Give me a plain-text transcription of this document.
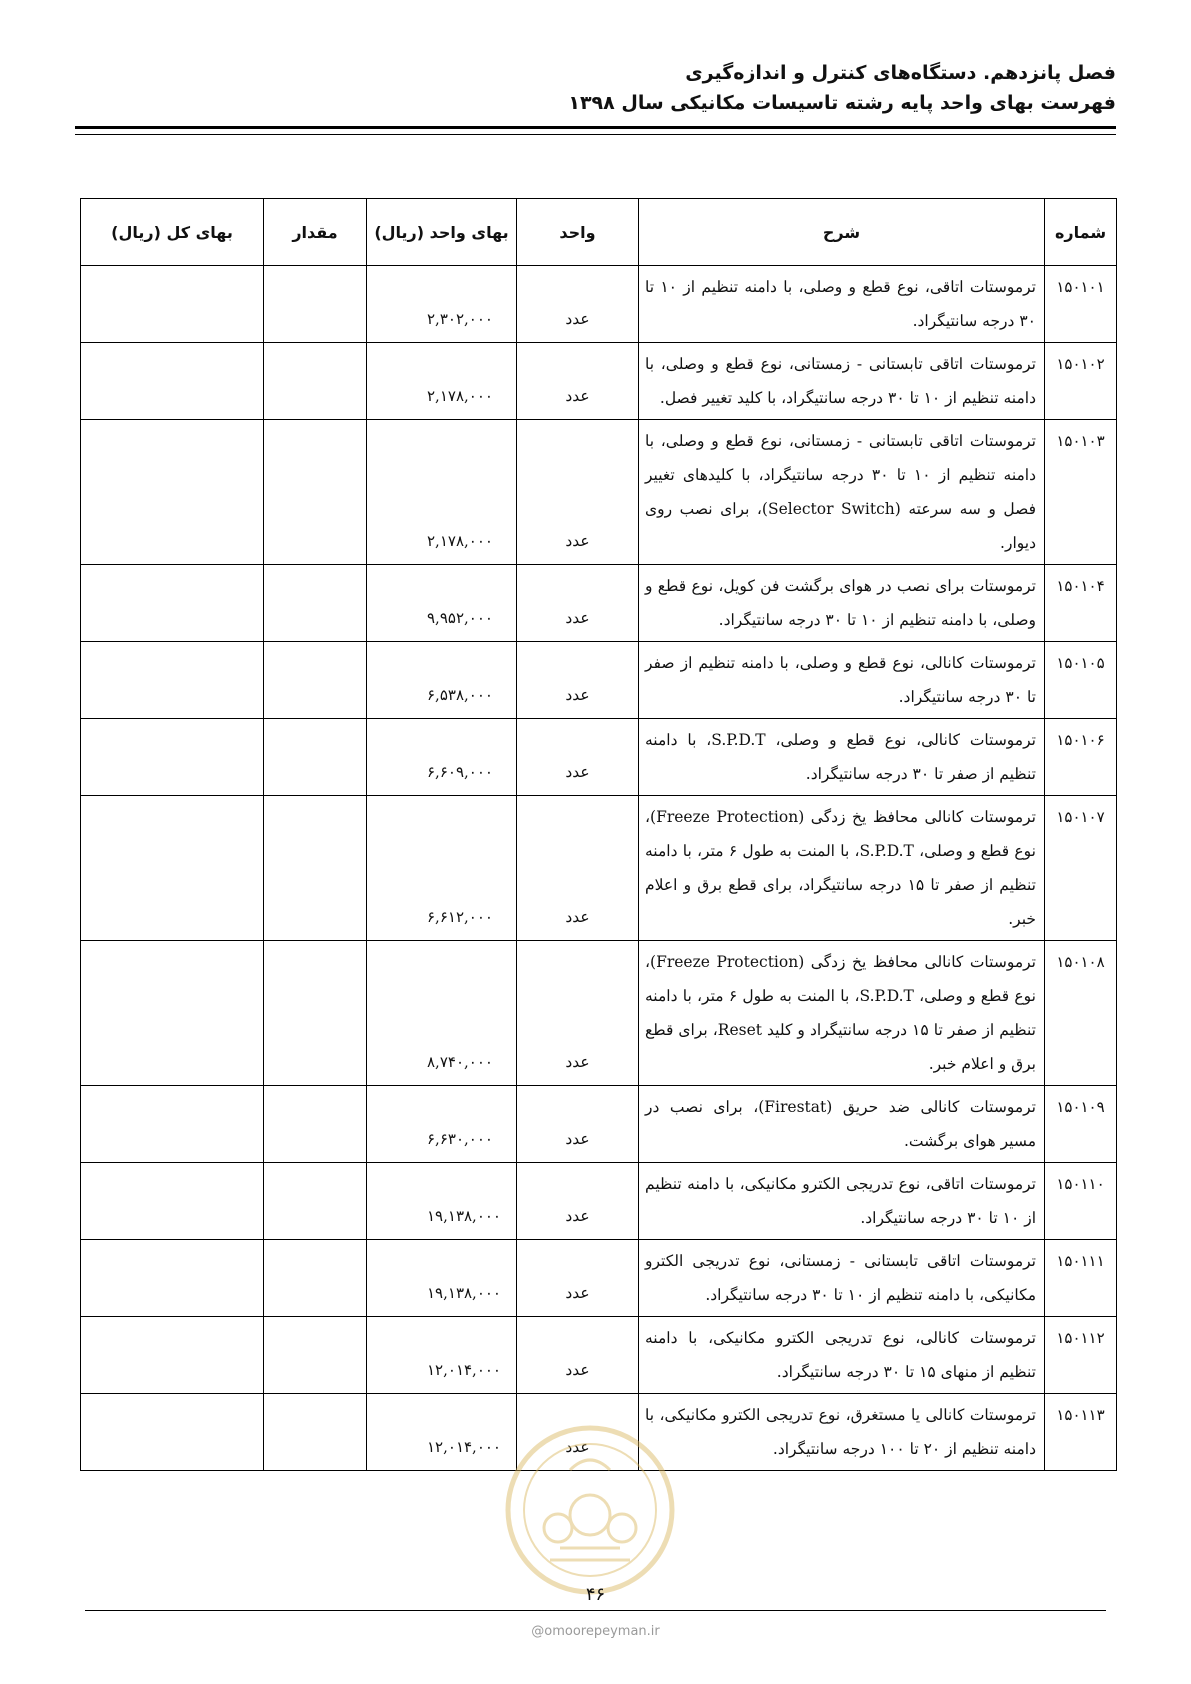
فصل پانزدهم. دستگاه‌های کنترل و اندازه‌گیری
فهرست بهای واحد پایه رشته تاسیسات مکانیکی سال ۱۳۹۸
شماره	شرح	واحد	بهای واحد (ریال)	مقدار	بهای کل (ریال)
۱۵۰۱۰۱	ترموستات اتاقی، نوع قطع و وصلی، با دامنه تنظیم از ۱۰ تا ۳۰ درجه سانتیگراد.	عدد	۲,۳۰۲,۰۰۰		
۱۵۰۱۰۲	ترموستات اتاقی تابستانی - زمستانی، نوع قطع و وصلی، با دامنه تنظیم از ۱۰ تا ۳۰ درجه سانتیگراد، با کلید تغییر فصل.	عدد	۲,۱۷۸,۰۰۰		
۱۵۰۱۰۳	ترموستات اتاقی تابستانی - زمستانی، نوع قطع و وصلی، با دامنه تنظیم از ۱۰ تا ۳۰ درجه سانتیگراد، با کلیدهای تغییر فصل و سه سرعته (Selector Switch)، برای نصب روی دیوار.	عدد	۲,۱۷۸,۰۰۰		
۱۵۰۱۰۴	ترموستات برای نصب در هوای برگشت فن کویل، نوع قطع و وصلی، با دامنه تنظیم از ۱۰ تا ۳۰ درجه سانتیگراد.	عدد	۹,۹۵۲,۰۰۰		
۱۵۰۱۰۵	ترموستات کانالی، نوع قطع و وصلی، با دامنه تنظیم از صفر تا ۳۰ درجه سانتیگراد.	عدد	۶,۵۳۸,۰۰۰		
۱۵۰۱۰۶	ترموستات کانالی، نوع قطع و وصلی، S.P.D.T، با دامنه تنظیم از صفر تا ۳۰ درجه سانتیگراد.	عدد	۶,۶۰۹,۰۰۰		
۱۵۰۱۰۷	ترموستات کانالی محافظ یخ زدگی (Freeze Protection)، نوع قطع و وصلی، S.P.D.T، با المنت به طول ۶ متر، با دامنه تنظیم از صفر تا ۱۵ درجه سانتیگراد، برای قطع برق و اعلام خبر.	عدد	۶,۶۱۲,۰۰۰		
۱۵۰۱۰۸	ترموستات کانالی محافظ یخ زدگی (Freeze Protection)، نوع قطع و وصلی، S.P.D.T، با المنت به طول ۶ متر، با دامنه تنظیم از صفر تا ۱۵ درجه سانتیگراد و کلید Reset، برای قطع برق و اعلام خبر.	عدد	۸,۷۴۰,۰۰۰		
۱۵۰۱۰۹	ترموستات کانالی ضد حریق (Firestat)، برای نصب در مسیر هوای برگشت.	عدد	۶,۶۳۰,۰۰۰		
۱۵۰۱۱۰	ترموستات اتاقی، نوع تدریجی الکترو مکانیکی، با دامنه تنظیم از ۱۰ تا ۳۰ درجه سانتیگراد.	عدد	۱۹,۱۳۸,۰۰۰		
۱۵۰۱۱۱	ترموستات اتاقی تابستانی - زمستانی، نوع تدریجی الکترو مکانیکی، با دامنه تنظیم از ۱۰ تا ۳۰ درجه سانتیگراد.	عدد	۱۹,۱۳۸,۰۰۰		
۱۵۰۱۱۲	ترموستات کانالی، نوع تدریجی الکترو مکانیکی، با دامنه تنظیم از منهای ۱۵ تا ۳۰ درجه سانتیگراد.	عدد	۱۲,۰۱۴,۰۰۰		
۱۵۰۱۱۳	ترموستات کانالی یا مستغرق، نوع تدریجی الکترو مکانیکی، با دامنه تنظیم از ۲۰ تا ۱۰۰ درجه سانتیگراد.	عدد	۱۲,۰۱۴,۰۰۰		
۴۶
@omoorepeyman.ir
